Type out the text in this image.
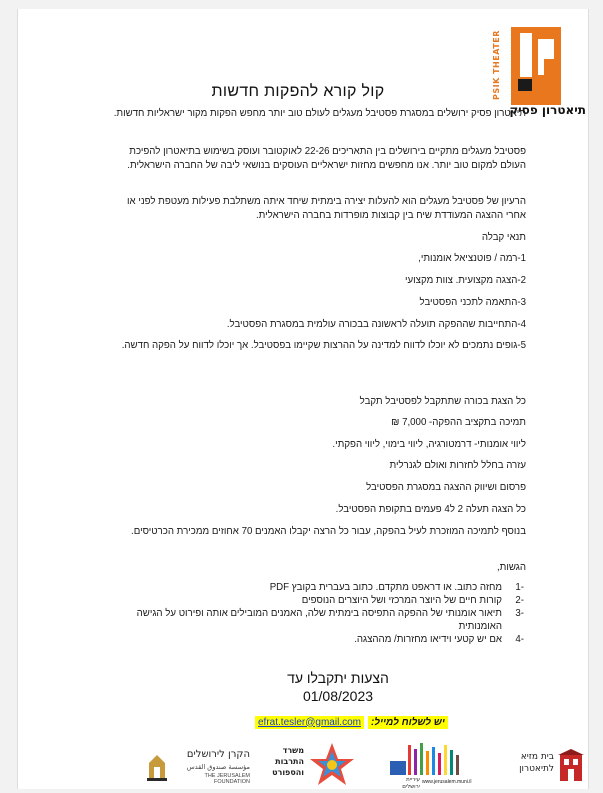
PSIK THEATER
תיאטרון פסיק
קול קורא להפקות חדשות

תיאטרון פסיק ירושלים במסגרת פסטיבל מעגלים לעולם טוב יותר מחפש הפקות מקור ישראליות חדשות.

פסטיבל מעגלים מתקיים בירושלים בין התאריכים 22-26 לאוקטובר ועוסק בשימוש בתיאטרון להפיכת העולם למקום טוב יותר. אנו מחפשים מחזות ישראליים העוסקים בנושאי ליבה של החברה הישראלית.

הרעיון של פסטיבל מעגלים הוא להעלות יצירה בימתית שיחד איתה משתלבת פעילות מעטפת לפני או אחרי ההצגה המעודדת שיח בין קבוצות מופרדות בחברה הישראלית.

תנאי קבלה

1-רמה / פוטנציאל אומנותי,

2-הצגה מקצועית. צוות מקצועי

3-התאמה לתכני הפסטיבל

4-התחייבות שההפקה תועלה לראשונה בבכורה עולמית במסגרת הפסטיבל.

5-גופים נתמכים לא יוכלו לדווח למדינה על ההרצות שקיימו בפסטיבל. אך יוכלו לדווח על הפקה חדשה.

כל הצגת בכורה שתתקבל לפסטיבל תקבל

תמיכה בתקציב ההפקה- 7,000 ₪

ליווי אומנותי- דרמטורגיה, ליווי בימוי, ליווי הפקתי.

עזרה בחלל לחזרות ואולם לגנרלית

פרסום ושיווק ההצגה במסגרת הפסטיבל

כל הצגה תעלה 2 ל4 פעמים בתקופת הפסטיבל.

בנוסף לתמיכה המוזכרת לעיל בהפקה, עבור כל הרצה יקבלו האמנים 70 אחוזים ממכירת הכרטיסים.

הגשות,

-1
מחזה כתוב. או דראפט מתקדם. כתוב בעברית בקובץ PDF
-2
קורות חיים של היוצר המרכזי ושל היוצרים הנוספים
-3
תיאור אומנותי של ההפקה התפיסה בימתית שלה, האמנים המובילים אותה ופירוט על הגישה האומנותית
-4
אם יש קטעי וידיאו מחזרות/ מההצגה.
הצעות יתקבלו עד
01/08/2023
efrat.tesler@gmail.com	יש לשלוח למייל:
הקרן לירושלים
مؤسسة صندوق القدس
THE JERUSALEM FOUNDATION
משרד
התרבות
והספורט
עיריית
ירושלים
www.jerusalem.muni.il
בית מזיא
לתיאטרון
